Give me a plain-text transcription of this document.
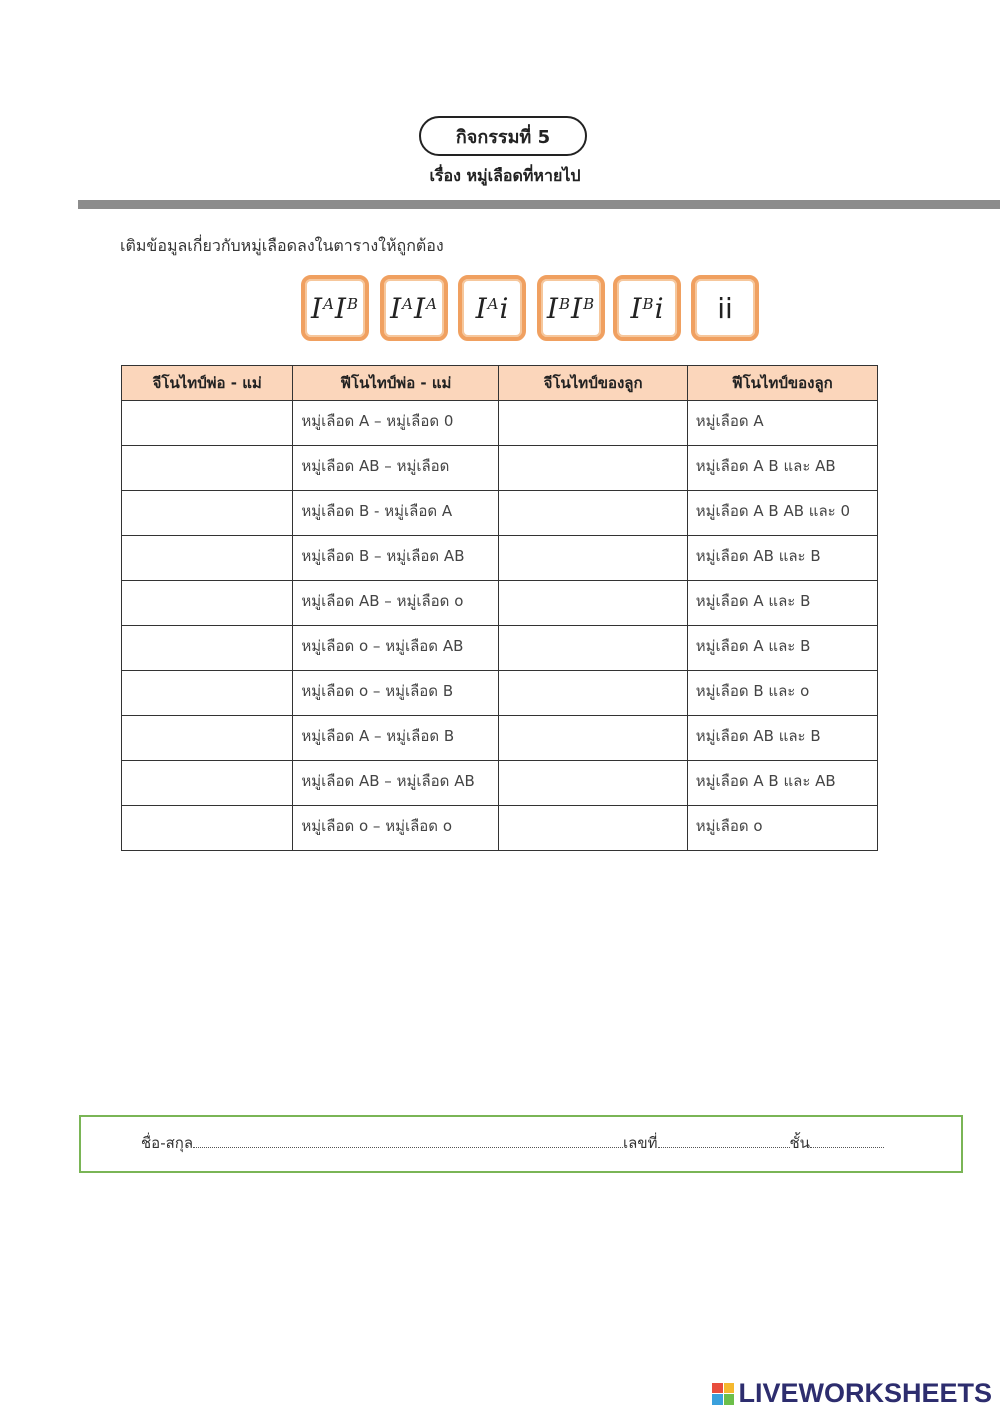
กิจกรรมที่ 5
เรื่อง หมู่เลือดที่หายไป
เติมข้อมูลเกี่ยวกับหมู่เลือดลงในตารางให้ถูกต้อง
$I^A$ $I^B$ $I^A$ $I^A$ $I^A$ i $I^B$ $I^B$ $I^B$ i ii
จีโนไทป์พ่อ - แม่	ฟีโนไทป์พ่อ - แม่	จีโนไทป์ของลูก	ฟีโนไทป์ของลูก
	หมู่เลือด A – หมู่เลือด 0		หมู่เลือด A
	หมู่เลือด AB – หมู่เลือด		หมู่เลือด A B และ AB
	หมู่เลือด B - หมู่เลือด A		หมู่เลือด A B AB และ 0
	หมู่เลือด B – หมู่เลือด AB		หมู่เลือด AB และ B
	หมู่เลือด AB – หมู่เลือด o		หมู่เลือด A และ B
	หมู่เลือด o – หมู่เลือด AB		หมู่เลือด A และ B
	หมู่เลือด o – หมู่เลือด B		หมู่เลือด B และ o
	หมู่เลือด A – หมู่เลือด B		หมู่เลือด AB และ B
	หมู่เลือด AB – หมู่เลือด AB		หมู่เลือด A B และ AB
	หมู่เลือด o – หมู่เลือด o		หมู่เลือด o
ชื่อ-สกุล	เลขที่	ชั้น
LIVEWORKSHEETS
